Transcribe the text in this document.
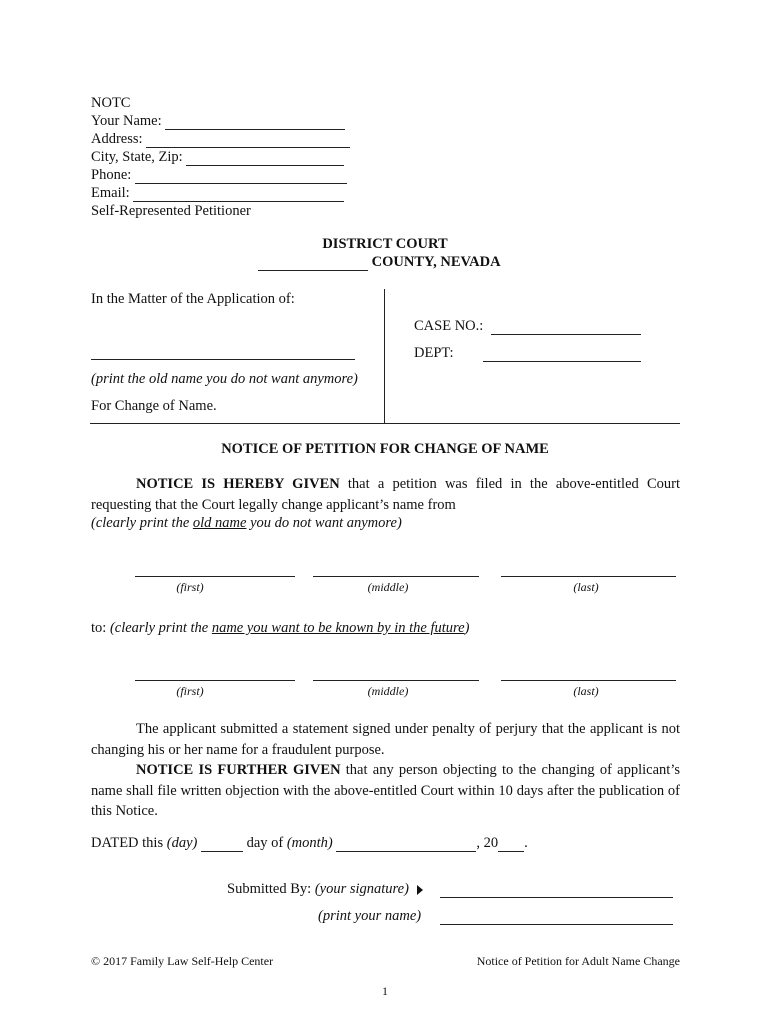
NOTC
Your Name:
Address:
City, State, Zip:
Phone:
Email:
Self-Represented Petitioner
DISTRICT COURT
COUNTY, NEVADA
In the Matter of the Application of:
(print the old name you do not want anymore)
For Change of Name.
CASE NO.:
DEPT:
NOTICE OF PETITION FOR CHANGE OF NAME
NOTICE IS HEREBY GIVEN that a petition was filed in the above-entitled Court requesting that the Court legally change applicant’s name from
(clearly print the old name you do not want anymore)
(first)	(middle)	(last)
to: (clearly print the name you want to be known by in the future)
(first)	(middle)	(last)
The applicant submitted a statement signed under penalty of perjury that the applicant is not changing his or her name for a fraudulent purpose.
NOTICE IS FURTHER GIVEN that any person objecting to the changing of applicant’s name shall file written objection with the above-entitled Court within 10 days after the publication of this Notice.
DATED this (day)	day of (month)	, 20 .
Submitted By: (your signature)
(print your name)
© 2017 Family Law Self-Help Center	Notice of Petition for Adult Name Change
1
